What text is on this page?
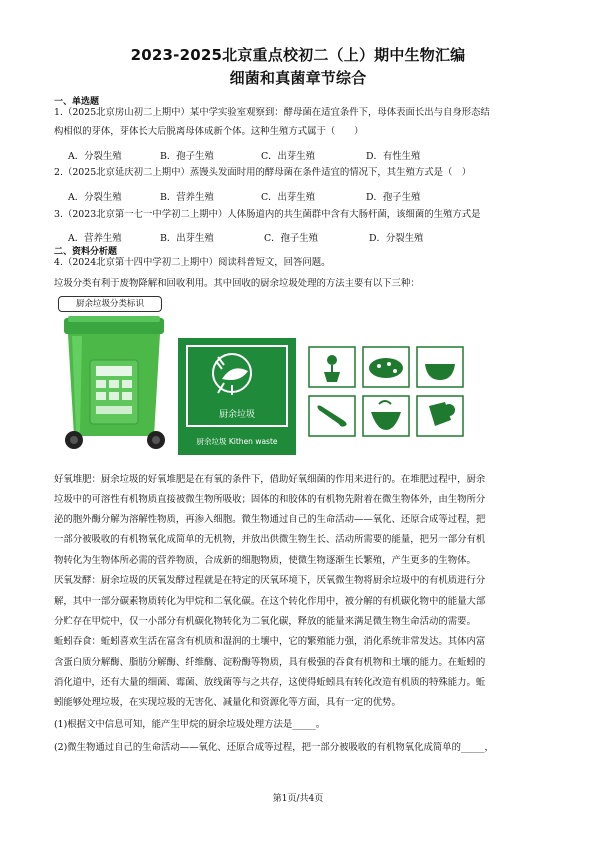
2023-2025北京重点校初二（上）期中生物汇编
细菌和真菌章节综合
一、单选题
1.（2025北京房山初二上期中）某中学实验室观察到：酵母菌在适宜条件下，母体表面长出与自身形态结
构相似的芽体，芽体长大后脱离母体成新个体。这种生殖方式属于（　　）
A．分裂生殖	B．孢子生殖	C．出芽生殖	D．有性生殖
2.（2025北京延庆初二上期中）蒸馒头发面时用的酵母菌在条件适宜的情况下，其生殖方式是（　）
A．分裂生殖	B．营养生殖	C．出芽生殖	D．孢子生殖
3.（2023北京第一七一中学初二上期中）人体肠道内的共生菌群中含有大肠杆菌，该细菌的生殖方式是
A．营养生殖	B．出芽生殖	C．孢子生殖	D．分裂生殖
二、资料分析题
4.（2024北京第十四中学初二上期中）阅读科普短文，回答问题。
垃圾分类有利于废物降解和回收利用。其中回收的厨余垃圾处理的方法主要有以下三种：
厨余垃圾分类标识
厨余垃圾
厨余垃圾 Kithen waste
好氧堆肥：厨余垃圾的好氧堆肥是在有氧的条件下，借助好氧细菌的作用来进行的。在堆肥过程中，厨余
垃圾中的可溶性有机物质直接被微生物所吸收；固体的和胶体的有机物先附着在微生物体外，由生物所分
泌的胞外酶分解为溶解性物质，再渗入细胞。微生物通过自己的生命活动——氧化、还原合成等过程，把
一部分被吸收的有机物氧化成简单的无机物，并放出供微生物生长、活动所需要的能量，把另一部分有机
物转化为生物体所必需的营养物质，合成新的细胞物质，使微生物逐渐生长繁殖，产生更多的生物体。
厌氧发酵：厨余垃圾的厌氧发酵过程就是在特定的厌氧环境下，厌氧微生物将厨余垃圾中的有机质进行分
解，其中一部分碳素物质转化为甲烷和二氧化碳。在这个转化作用中，被分解的有机碳化物中的能量大部
分贮存在甲烷中，仅一小部分有机碳化物转化为二氧化碳，释放的能量来满足微生物生命活动的需要。
蚯蚓吞食：蚯蚓喜欢生活在富含有机质和湿润的土壤中，它的繁殖能力强，消化系统非常发达。其体内富
含蛋白质分解酶、脂肪分解酶、纤维酶、淀粉酶等物质，具有极强的吞食有机物和土壤的能力。在蚯蚓的
消化道中，还有大量的细菌、霉菌、放线菌等与之共存，这使得蚯蚓具有转化改造有机质的特殊能力。蚯
蚓能够处理垃圾，在实现垃圾的无害化、减量化和资源化等方面，具有一定的优势。
(1)根据文中信息可知，能产生甲烷的厨余垃圾处理方法是_____。
(2)微生物通过自己的生命活动——氧化、还原合成等过程，把一部分被吸收的有机物氧化成简单的_____，
第1页/共4页
